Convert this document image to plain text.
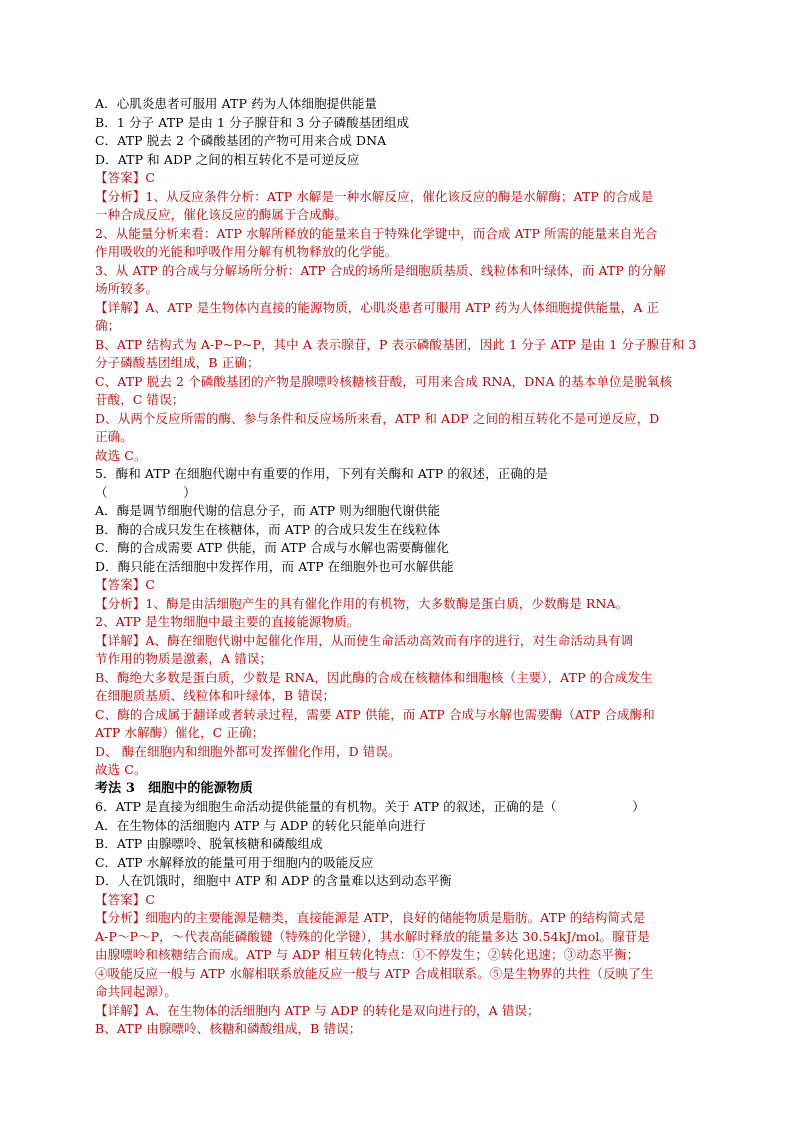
A．心肌炎患者可服用 ATP 药为人体细胞提供能量
B．1 分子 ATP 是由 1 分子腺苷和 3 分子磷酸基团组成
C．ATP 脱去 2 个磷酸基团的产物可用来合成 DNA
D．ATP 和 ADP 之间的相互转化不是可逆反应
【答案】C
【分析】1、从反应条件分析：ATP 水解是一种水解反应，催化该反应的酶是水解酶；ATP 的合成是
一种合成反应，催化该反应的酶属于合成酶。
2、从能量分析来看：ATP 水解所释放的能量来自于特殊化学键中，而合成 ATP 所需的能量来自光合
作用吸收的光能和呼吸作用分解有机物释放的化学能。
3、从 ATP 的合成与分解场所分析：ATP 合成的场所是细胞质基质、线粒体和叶绿体，而 ATP 的分解
场所较多。
【详解】A、ATP 是生物体内直接的能源物质，心肌炎患者可服用 ATP 药为人体细胞提供能量，A 正
确；
B、ATP 结构式为 A-P~P~P，其中 A 表示腺苷，P 表示磷酸基团，因此 1 分子 ATP 是由 1 分子腺苷和 3
分子磷酸基团组成，B 正确；
C、ATP 脱去 2 个磷酸基团的产物是腺嘌呤核糖核苷酸，可用来合成 RNA，DNA 的基本单位是脱氧核
苷酸，C 错误；
D、从两个反应所需的酶、参与条件和反应场所来看，ATP 和 ADP 之间的相互转化不是可逆反应，D
正确。
故选 C。
5．酶和 ATP 在细胞代谢中有重要的作用，下列有关酶和 ATP 的叙述，正确的是
（　　　　　　）
A．酶是调节细胞代谢的信息分子，而 ATP 则为细胞代谢供能
B．酶的合成只发生在核糖体，而 ATP 的合成只发生在线粒体
C．酶的合成需要 ATP 供能，而 ATP 合成与水解也需要酶催化
D．酶只能在活细胞中发挥作用，而 ATP 在细胞外也可水解供能
【答案】C
【分析】1、酶是由活细胞产生的具有催化作用的有机物，大多数酶是蛋白质，少数酶是 RNA。
2、ATP 是生物细胞中最主要的直接能源物质。
【详解】A、酶在细胞代谢中起催化作用，从而使生命活动高效而有序的进行，对生命活动具有调
节作用的物质是激素，A 错误；
B、酶绝大多数是蛋白质，少数是 RNA，因此酶的合成在核糖体和细胞核（主要），ATP 的合成发生
在细胞质基质、线粒体和叶绿体，B 错误；
C、酶的合成属于翻译或者转录过程，需要 ATP 供能，而 ATP 合成与水解也需要酶（ATP 合成酶和
ATP 水解酶）催化，C 正确；
D、 酶在细胞内和细胞外都可发挥催化作用，D 错误。
故选 C。
考法 3　细胞中的能源物质
6．ATP 是直接为细胞生命活动提供能量的有机物。关于 ATP 的叙述，正确的是（　　　　　　）
A．在生物体的活细胞内 ATP 与 ADP 的转化只能单向进行
B．ATP 由腺嘌呤、脱氧核糖和磷酸组成
C．ATP 水解释放的能量可用于细胞内的吸能反应
D．人在饥饿时，细胞中 ATP 和 ADP 的含量难以达到动态平衡
【答案】C
【分析】细胞内的主要能源是糖类，直接能源是 ATP，良好的储能物质是脂肪。ATP 的结构简式是
A-P～P～P，～代表高能磷酸键（特殊的化学键），其水解时释放的能量多达 30.54kJ/mol。腺苷是
由腺嘌呤和核糖结合而成。ATP 与 ADP 相互转化特点：①不停发生；②转化迅速；③动态平衡；
④吸能反应一般与 ATP 水解相联系放能反应一般与 ATP 合成相联系。⑤是生物界的共性（反映了生
命共同起源）。
【详解】A、在生物体的活细胞内 ATP 与 ADP 的转化是双向进行的，A 错误；
B、ATP 由腺嘌呤、核糖和磷酸组成，B 错误；
